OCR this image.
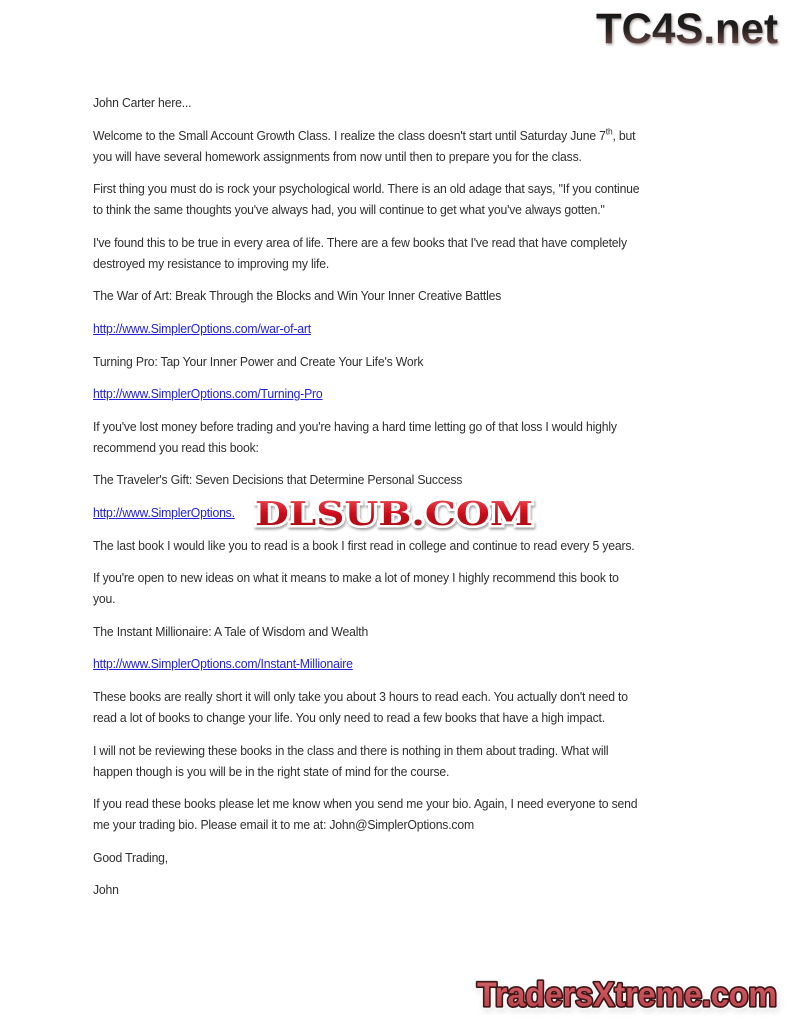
TC4S.net

John Carter here...

Welcome to the Small Account Growth Class. I realize the class doesn't start until Saturday June 7th, but
you will have several homework assignments from now until then to prepare you for the class.

First thing you must do is rock your psychological world. There is an old adage that says, "If you continue
to think the same thoughts you've always had, you will continue to get what you've always gotten."

I've found this to be true in every area of life. There are a few books that I've read that have completely
destroyed my resistance to improving my life.

The War of Art: Break Through the Blocks and Win Your Inner Creative Battles

http://www.SimplerOptions.com/war-of-art

Turning Pro: Tap Your Inner Power and Create Your Life's Work

http://www.SimplerOptions.com/Turning-Pro

If you've lost money before trading and you're having a hard time letting go of that loss I would highly
recommend you read this book:

The Traveler's Gift: Seven Decisions that Determine Personal Success

http://www.SimplerOptions.

The last book I would like you to read is a book I first read in college and continue to read every 5 years.

If you're open to new ideas on what it means to make a lot of money I highly recommend this book to
you.

The Instant Millionaire: A Tale of Wisdom and Wealth

http://www.SimplerOptions.com/Instant-Millionaire

These books are really short it will only take you about 3 hours to read each. You actually don't need to
read a lot of books to change your life. You only need to read a few books that have a high impact.

I will not be reviewing these books in the class and there is nothing in them about trading. What will
happen though is you will be in the right state of mind for the course.

If you read these books please let me know when you send me your bio. Again, I need everyone to send
me your trading bio. Please email it to me at: John@SimplerOptions.com

Good Trading,

John

DLSUB.COM
TradersXtreme.com
